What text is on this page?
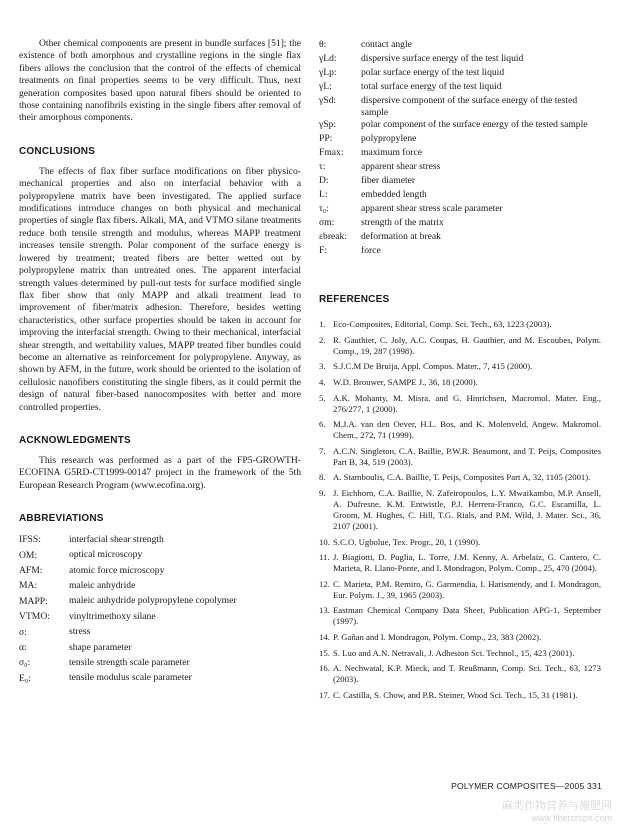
Other chemical components are present in bundle surfaces [51]; the existence of both amorphous and crystalline regions in the single flax fibers allows the conclusion that the control of the effects of chemical treatments on final properties seems to be very difficult. Thus, next generation composites based upon natural fibers should be oriented to those containing nanofibrils existing in the single fibers after removal of their amorphous components.

CONCLUSIONS

The effects of flax fiber surface modifications on fiber physico-mechanical properties and also on interfacial behavior with a polypropylene matrix have been investigated. The applied surface modifications introduce changes on both physical and mechanical properties of single flax fibers. Alkali, MA, and VTMO silane treatments reduce both tensile strength and modulus, whereas MAPP treatment increases tensile strength. Polar component of the surface energy is lowered by treatment; treated fibers are better wetted out by polypropylene matrix than untreated ones. The apparent interfacial strength values determined by pull-out tests for surface modified single flax fiber show that only MAPP and alkali treatment lead to improvement of fiber/matrix adhesion. Therefore, besides wetting characteristics, other surface properties should be taken in account for improving the interfacial strength. Owing to their mechanical, interfacial shear strength, and wettability values, MAPP treated fiber bundles could become an alternative as reinforcement for polypropylene. Anyway, as shown by AFM, in the future, work should be oriented to the isolation of cellulosic nanofibers constituting the single fibers, as it could permit the design of natural fiber-based nanocomposites with better and more controlled properties.

ACKNOWLEDGMENTS

This research was performed as a part of the FP5-GROWTH-ECOFINA G5RD-CT1999-00147 project in the framework of the 5th European Research Program (www.ecofina.org).

ABBREVIATIONS
IFSS:	interfacial shear strength
OM:	optical microscopy
AFM:	atomic force microscopy
MA:	maleic anhydride
MAPP:	maleic anhydride polypropylene copolymer
VTMO:	vinyltrimethoxy silane
σ:	stress
α:	shape parameter
σ₀:	tensile strength scale parameter
E₀:	tensile modulus scale parameter
θ:	contact angle
γLd:	dispersive surface energy of the test liquid
γLp:	polar surface energy of the test liquid
γL:	total surface energy of the test liquid
γSd:	dispersive component of the surface energy of the tested sample
γSp:	polar component of the surface energy of the tested sample
PP:	polypropylene
Fmax:	maximum force
τ:	apparent shear stress
D:	fiber diameter
L:	embedded length
τ₀:	apparent shear stress scale parameter
σm:	strength of the matrix
εbreak:	deformation at break
F:	force
REFERENCES
1. Eco-Composites, Editorial, Comp. Sci. Tech., 63, 1223 (2003).
2. R. Gauthier, C. Joly, A.C. Coupas, H. Gauthier, and M. Escoubes, Polym. Comp., 19, 287 (1998).
3. S.J.C.M De Bruija, Appl. Compos. Mater., 7, 415 (2000).
4. W.D. Brouwer, SAMPE J., 36, 18 (2000).
5. A.K. Mohanty, M. Misra, and G. Hinrichsen, Macromol. Mater. Eng., 276/277, 1 (2000).
6. M.J.A. van den Oever, H.L. Bos, and K. Molenveld, Angew. Makromol. Chem., 272, 71 (1999).
7. A.C.N. Singleton, C.A. Baillie, P.W.R. Beaumont, and T. Peijs, Composites Part B, 34, 519 (2003).
8. A. Stamboulis, C.A. Baillie, T. Peijs, Composites Part A, 32, 1105 (2001).
9. J. Eichhorn, C.A. Baillie, N. Zafeiropoulos, L.Y. Mwaikambo, M.P. Ansell, A. Dufresne, K.M. Entwistle, P.J. Herrera-Franco, G.C. Escamilla, L. Groom, M. Hughes, C. Hill, T.G. Rials, and P.M. Wild, J. Mater. Sci., 36, 2107 (2001).
10. S.C.O. Ugbolue, Tex. Progr., 20, 1 (1990).
11. J. Biagiotti, D. Puglia, L. Torre, J.M. Kenny, A. Arbelaiz, G. Cantero, C. Marieta, R. Llano-Ponte, and I. Mondragon, Polym. Comp., 25, 470 (2004).
12. C. Marieta, P.M. Remiro, G. Garmendia, I. Harismendy, and I. Mondragon, Eur. Polym. J., 39, 1965 (2003).
13. Eastman Chemical Company Data Sheet, Publication APG-1, September (1997).
14. P. Gañan and I. Mondragon, Polym. Comp., 23, 383 (2002).
15. S. Luo and A.N. Netravali, J. Adhesion Sci. Technol., 15, 423 (2001).
16. A. Nechwatal, K.P. Mieck, and T. Reußmann, Comp. Sci. Tech., 63, 1273 (2003).
17. C. Castilla, S. Chow, and P.R. Steiner, Wood Sci. Tech., 15, 31 (1981).
POLYMER COMPOSITES—2005 331
麻类作物营养与施肥网
www.fibercrops.com
